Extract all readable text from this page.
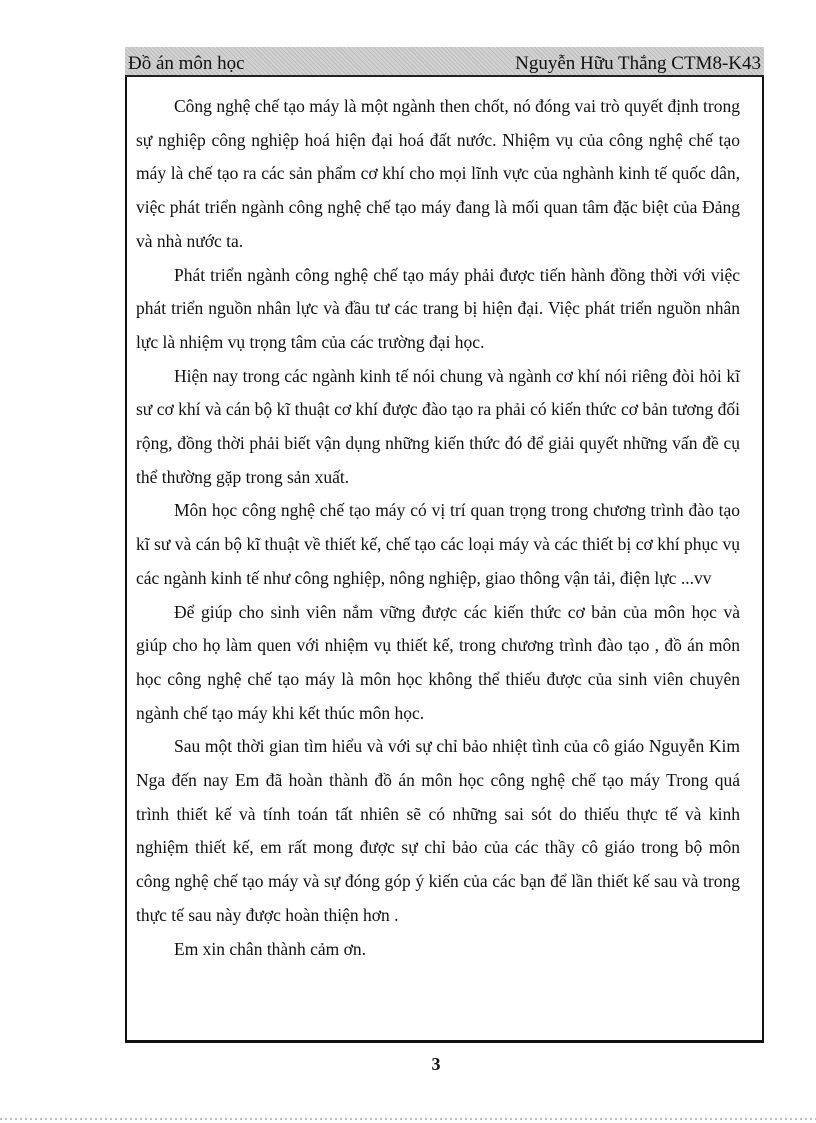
Đồ án môn học	Nguyễn Hữu Thắng CTM8-K43

Công nghệ chế tạo máy là một ngành then chốt, nó đóng vai trò quyết định trong sự nghiệp công nghiệp hoá hiện đại hoá đất nước. Nhiệm vụ của công nghệ chế tạo máy là chế tạo ra các sản phẩm cơ khí cho mọi lĩnh vực của nghành kinh tế quốc dân, việc phát triển ngành công nghệ chế tạo máy đang là mối quan tâm đặc biệt của Đảng và nhà nước ta.

Phát triển ngành công nghệ chế tạo máy phải được tiến hành đồng thời với việc phát triển nguồn nhân lực và đầu tư các trang bị hiện đại. Việc phát triển nguồn nhân lực là nhiệm vụ trọng tâm của các trường đại học.

Hiện nay trong các ngành kinh tế nói chung và ngành cơ khí nói riêng đòi hỏi kĩ sư cơ khí và cán bộ kĩ thuật cơ khí được đào tạo ra phải có kiến thức cơ bản tương đối rộng, đồng thời phải biết vận dụng những kiến thức đó để giải quyết những vấn đề cụ thể thường gặp trong sản xuất.

Môn học công nghệ chế tạo máy có vị trí quan trọng trong chương trình đào tạo kĩ sư và cán bộ kĩ thuật về thiết kế, chế tạo các loại máy và các thiết bị cơ khí phục vụ các ngành kinh tế như công nghiệp, nông nghiệp, giao thông vận tải, điện lực ...vv

Để giúp cho sinh viên nắm vững được các kiến thức cơ bản của môn học và giúp cho họ làm quen với nhiệm vụ thiết kế, trong chương trình đào tạo , đồ án môn học công nghệ chế tạo máy là môn học không thể thiếu được của sinh viên chuyên ngành chế tạo máy khi kết thúc môn học.

Sau một thời gian tìm hiểu và với sự chỉ bảo nhiệt tình của cô giáo Nguyễn Kim Nga đến nay Em đã hoàn thành đồ án môn học công nghệ chế tạo máy Trong quá trình thiết kế và tính toán tất nhiên sẽ có những sai sót do thiếu thực tế và kinh nghiệm thiết kế, em rất mong được sự chỉ bảo của các thầy cô giáo trong bộ môn công nghệ chế tạo máy và sự đóng góp ý kiến của các bạn để lần thiết kế sau và trong thực tế sau này được hoàn thiện hơn .

Em xin chân thành cảm ơn.

3
